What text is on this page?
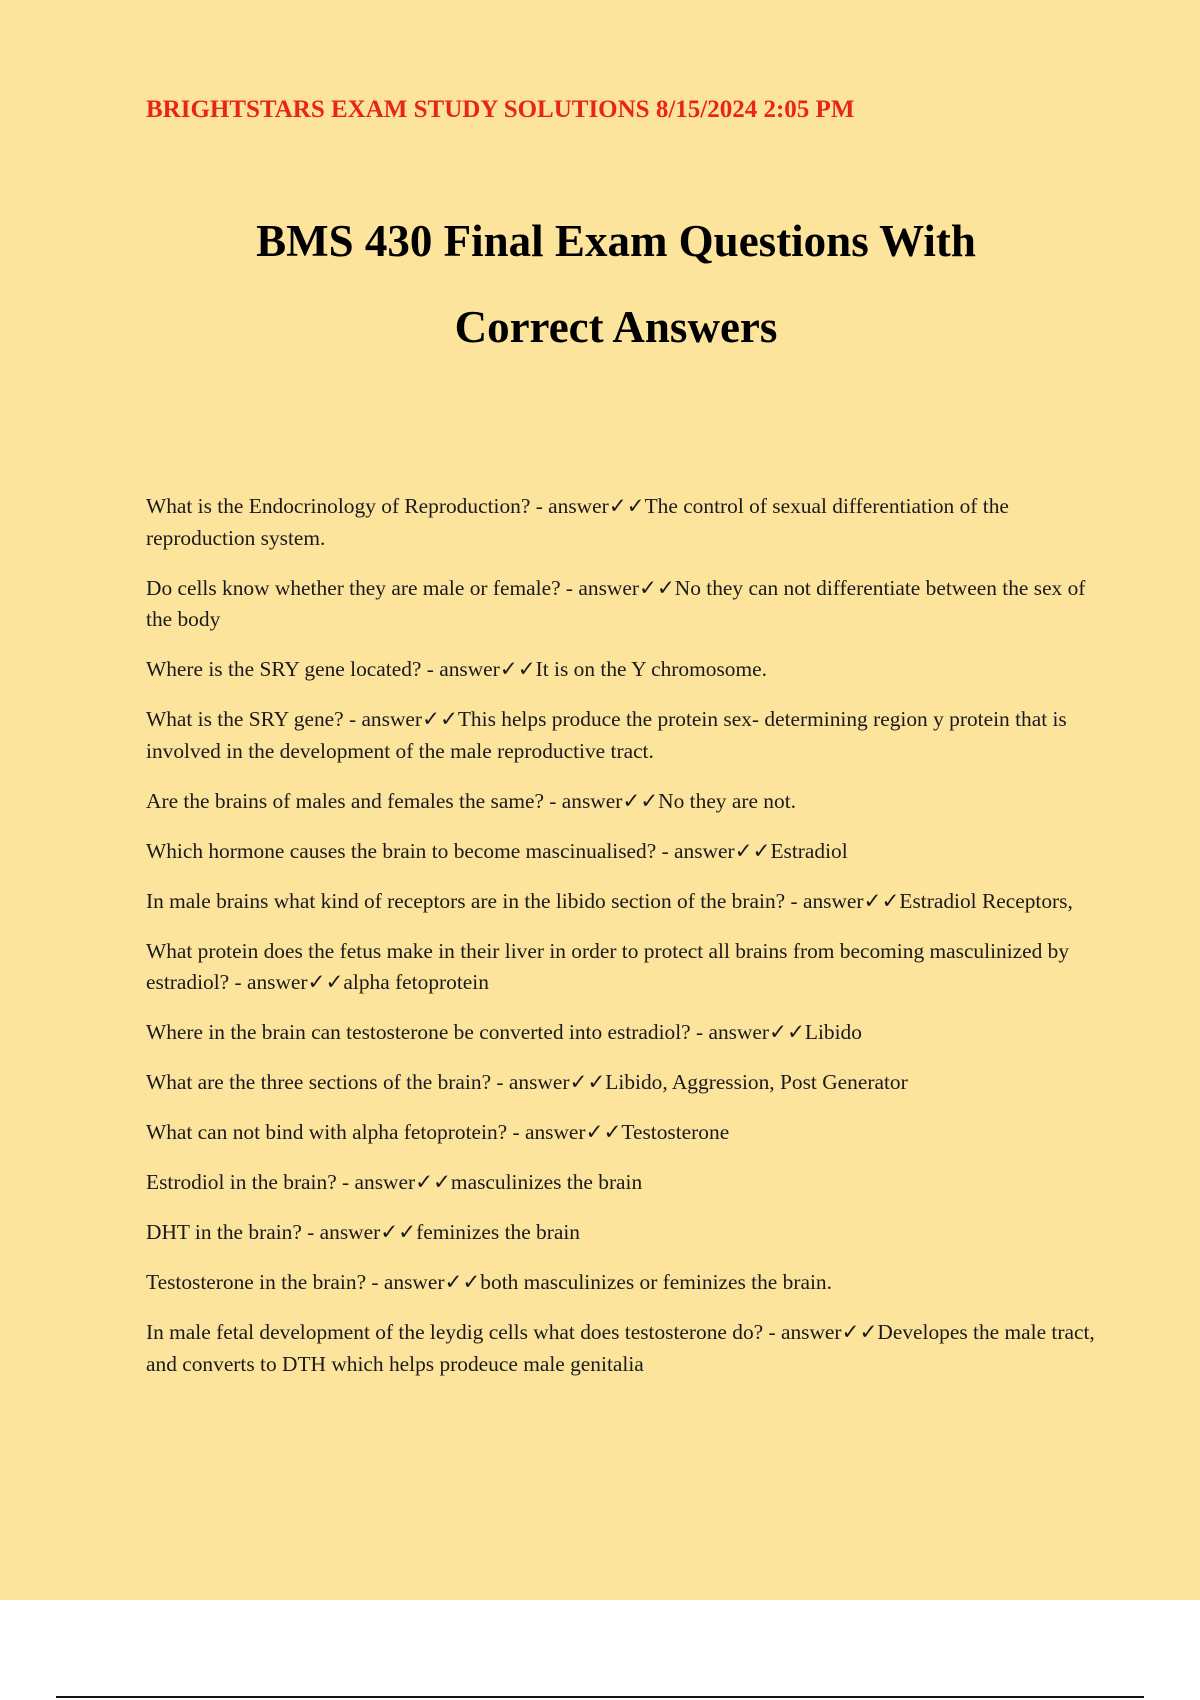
BRIGHTSTARS EXAM STUDY SOLUTIONS 8/15/2024 2:05 PM
BMS 430 Final Exam Questions With
Correct Answers
What is the Endocrinology of Reproduction? - answer✓✓The control of sexual differentiation of the reproduction system.
Do cells know whether they are male or female? - answer✓✓No they can not differentiate between the sex of the body
Where is the SRY gene located? - answer✓✓It is on the Y chromosome.
What is the SRY gene? - answer✓✓This helps produce the protein sex- determining region y protein that is involved in the development of the male reproductive tract.
Are the brains of males and females the same? - answer✓✓No they are not.
Which hormone causes the brain to become mascinualised? - answer✓✓Estradiol
In male brains what kind of receptors are in the libido section of the brain? - answer✓✓Estradiol Receptors,
What protein does the fetus make in their liver in order to protect all brains from becoming masculinized by estradiol? - answer✓✓alpha fetoprotein
Where in the brain can testosterone be converted into estradiol? - answer✓✓Libido
What are the three sections of the brain? - answer✓✓Libido, Aggression, Post Generator
What can not bind with alpha fetoprotein? - answer✓✓Testosterone
Estrodiol in the brain? - answer✓✓masculinizes the brain
DHT in the brain? - answer✓✓feminizes the brain
Testosterone in the brain? - answer✓✓both masculinizes or feminizes the brain.
In male fetal development of the leydig cells what does testosterone do? - answer✓✓Developes the male tract, and converts to DTH which helps prodeuce male genitalia
